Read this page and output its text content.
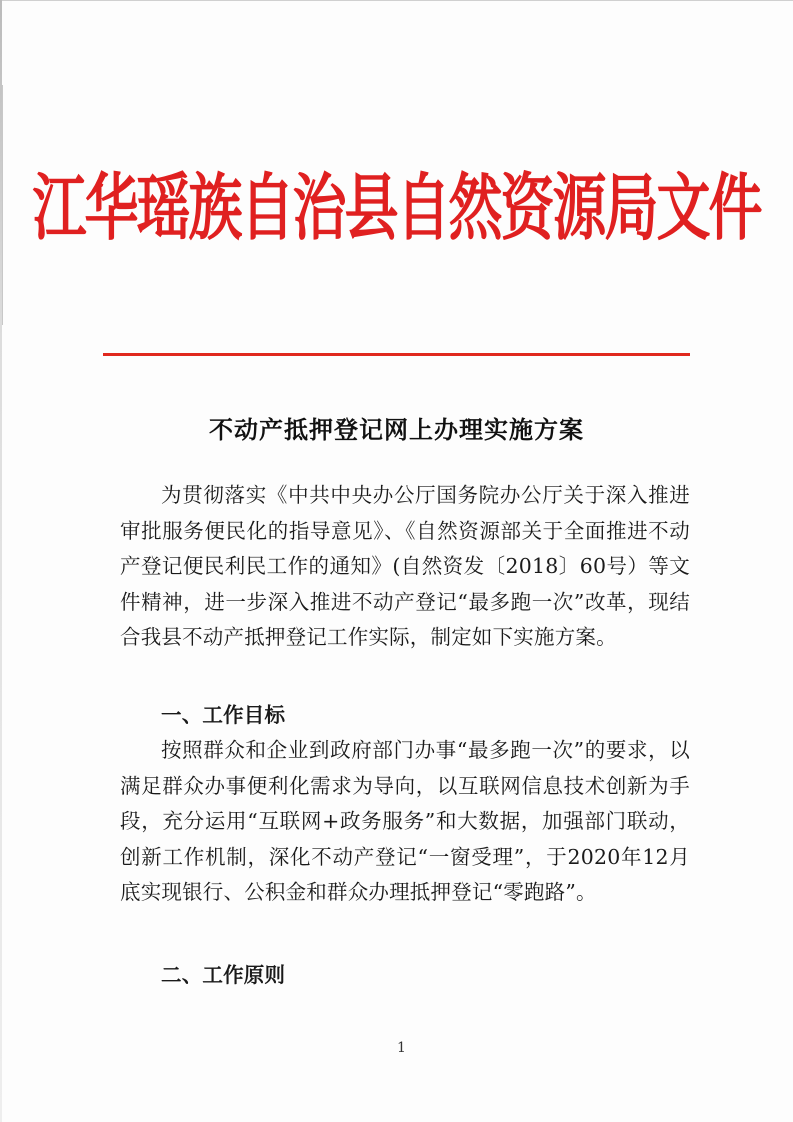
江华瑶族自治县自然资源局文件
不动产抵押登记网上办理实施方案

为贯彻落实《中共中央办公厅国务院办公厅关于深入推进审批服务便民化的指导意见》、《自然资源部关于全面推进不动产登记便民利民工作的通知》(自然资发〔2018〕60号）等文件精神，进一步深入推进不动产登记“最多跑一次”改革，现结合我县不动产抵押登记工作实际，制定如下实施方案。

一、工作目标

按照群众和企业到政府部门办事“最多跑一次”的要求，以满足群众办事便利化需求为导向，以互联网信息技术创新为手段，充分运用“互联网+政务服务”和大数据，加强部门联动，创新工作机制，深化不动产登记“一窗受理”，于2020年12月底实现银行、公积金和群众办理抵押登记“零跑路”。

二、工作原则

1
